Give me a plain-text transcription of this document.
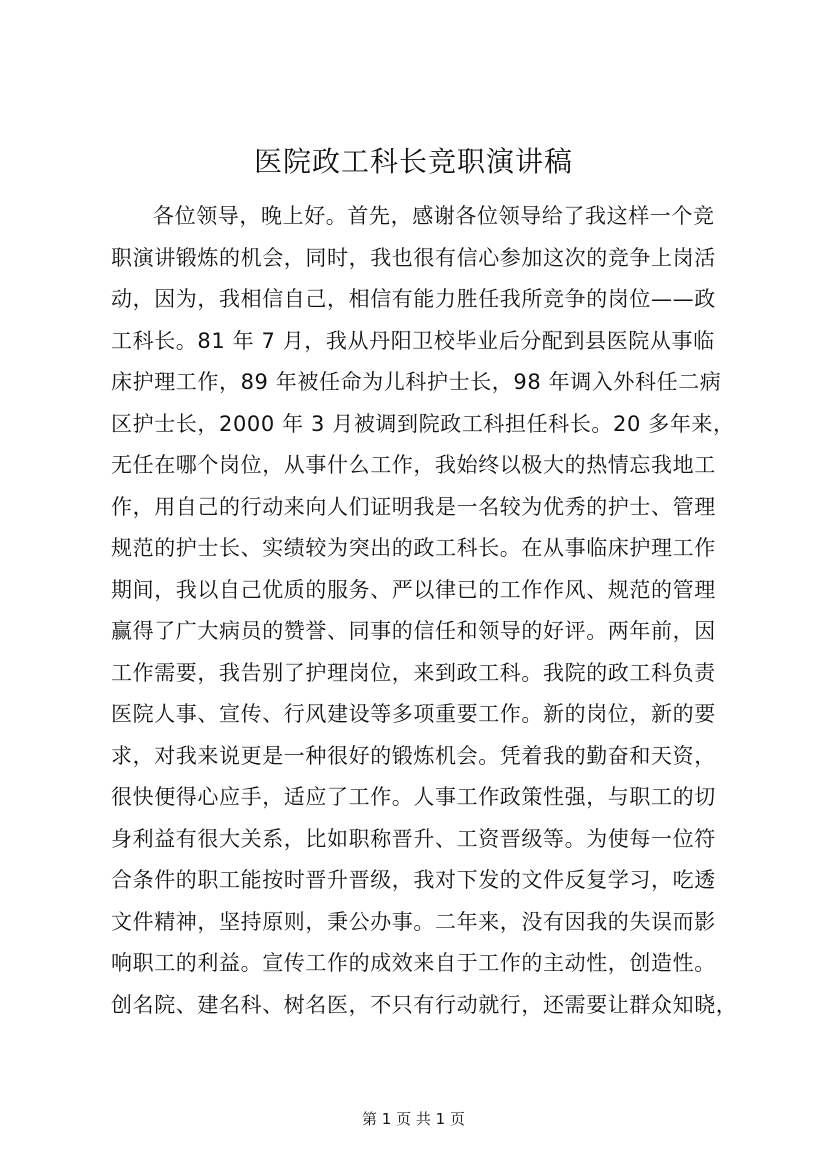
医院政工科长竞职演讲稿
各位领导，晚上好。首先，感谢各位领导给了我这样一个竞
职演讲锻炼的机会，同时，我也很有信心参加这次的竞争上岗活
动，因为，我相信自己，相信有能力胜任我所竞争的岗位——政
工科长。81 年 7 月，我从丹阳卫校毕业后分配到县医院从事临
床护理工作，89 年被任命为儿科护士长，98 年调入外科任二病
区护士长，2000 年 3 月被调到院政工科担任科长。20 多年来，
无任在哪个岗位，从事什么工作，我始终以极大的热情忘我地工
作，用自己的行动来向人们证明我是一名较为优秀的护士、管理
规范的护士长、实绩较为突出的政工科长。在从事临床护理工作
期间，我以自己优质的服务、严以律已的工作作风、规范的管理
赢得了广大病员的赞誉、同事的信任和领导的好评。两年前，因
工作需要，我告别了护理岗位，来到政工科。我院的政工科负责
医院人事、宣传、行风建设等多项重要工作。新的岗位，新的要
求，对我来说更是一种很好的锻炼机会。凭着我的勤奋和天资，
很快便得心应手，适应了工作。人事工作政策性强，与职工的切
身利益有很大关系，比如职称晋升、工资晋级等。为使每一位符
合条件的职工能按时晋升晋级，我对下发的文件反复学习，吃透
文件精神，坚持原则，秉公办事。二年来，没有因我的失误而影
响职工的利益。宣传工作的成效来自于工作的主动性，创造性。
创名院、建名科、树名医，不只有行动就行，还需要让群众知晓，
第 1 页 共 1 页
